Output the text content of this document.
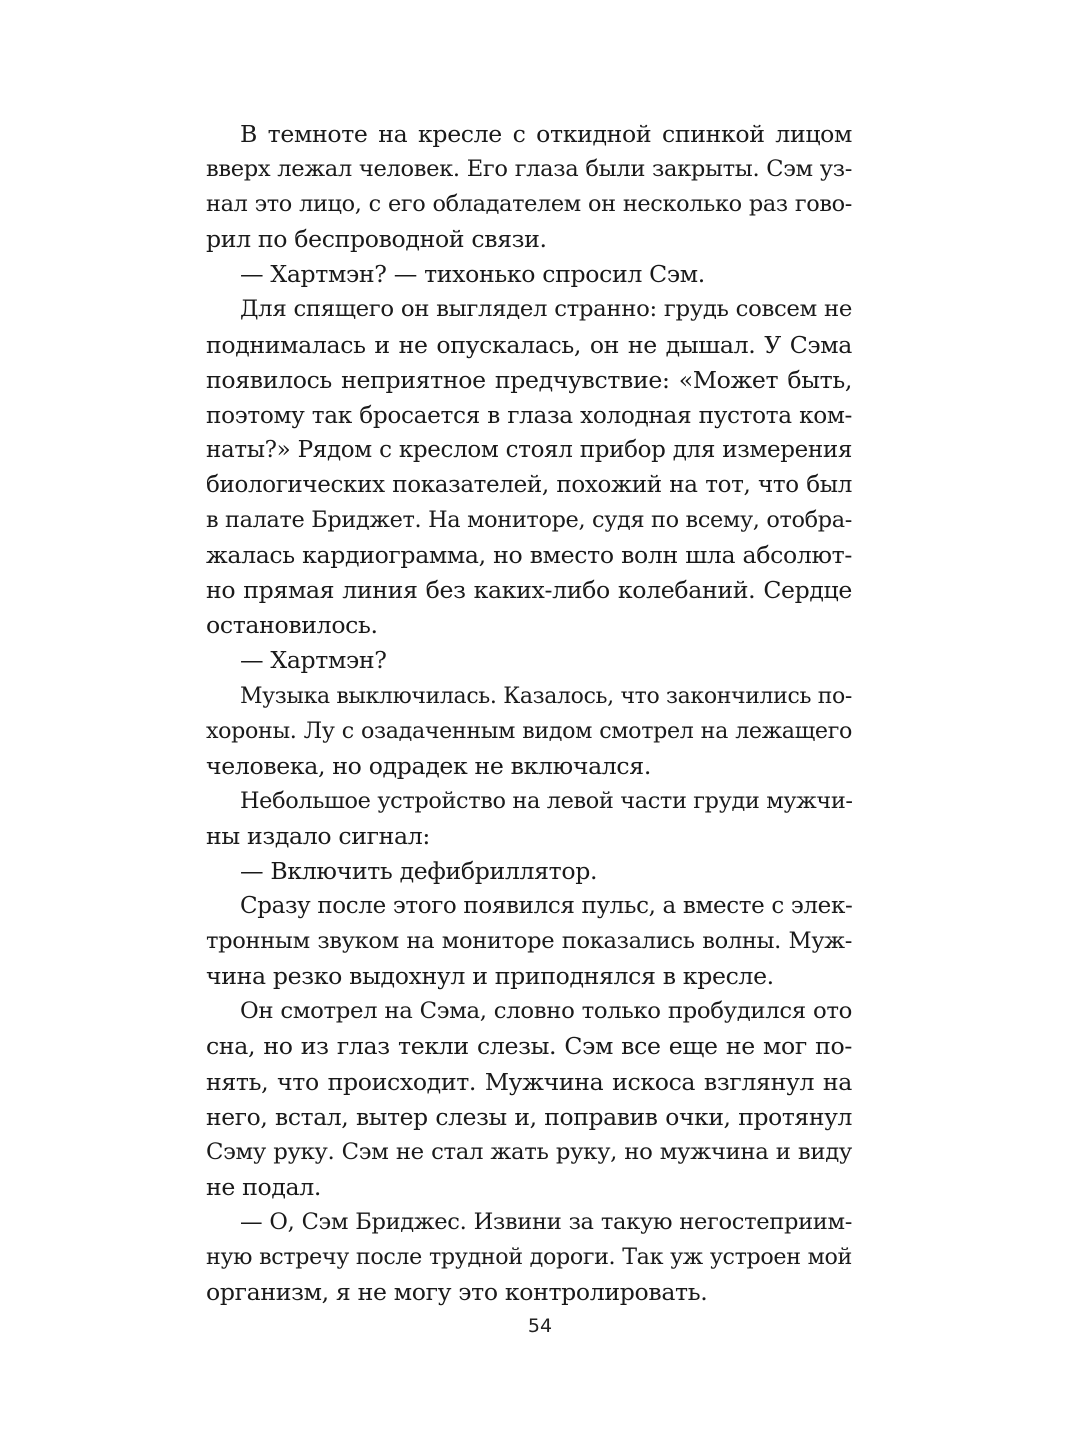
В темноте на кресле с откидной спинкой лицом
вверх лежал человек. Его глаза были закрыты. Сэм уз-
нал это лицо, с его обладателем он несколько раз гово-
рил по беспроводной связи.
— Хартмэн? — тихонько спросил Сэм.
Для спящего он выглядел странно: грудь совсем не
поднималась и не опускалась, он не дышал. У Сэма
появилось неприятное предчувствие: «Может быть,
поэтому так бросается в глаза холодная пустота ком-
наты?» Рядом с креслом стоял прибор для измерения
биологических показателей, похожий на тот, что был
в палате Бриджет. На мониторе, судя по всему, отобра-
жалась кардиограмма, но вместо волн шла абсолют-
но прямая линия без каких-либо колебаний. Сердце
остановилось.
— Хартмэн?
Музыка выключилась. Казалось, что закончились по-
хороны. Лу с озадаченным видом смотрел на лежащего
человека, но одрадек не включался.
Небольшое устройство на левой части груди мужчи-
ны издало сигнал:
— Включить дефибриллятор.
Сразу после этого появился пульс, а вместе с элек-
тронным звуком на мониторе показались волны. Муж-
чина резко выдохнул и приподнялся в кресле.
Он смотрел на Сэма, словно только пробудился ото
сна, но из глаз текли слезы. Сэм все еще не мог по-
нять, что происходит. Мужчина искоса взглянул на
него, встал, вытер слезы и, поправив очки, протянул
Сэму руку. Сэм не стал жать руку, но мужчина и виду
не подал.
— О, Сэм Бриджес. Извини за такую негостеприим-
ную встречу после трудной дороги. Так уж устроен мой
организм, я не могу это контролировать.
54
